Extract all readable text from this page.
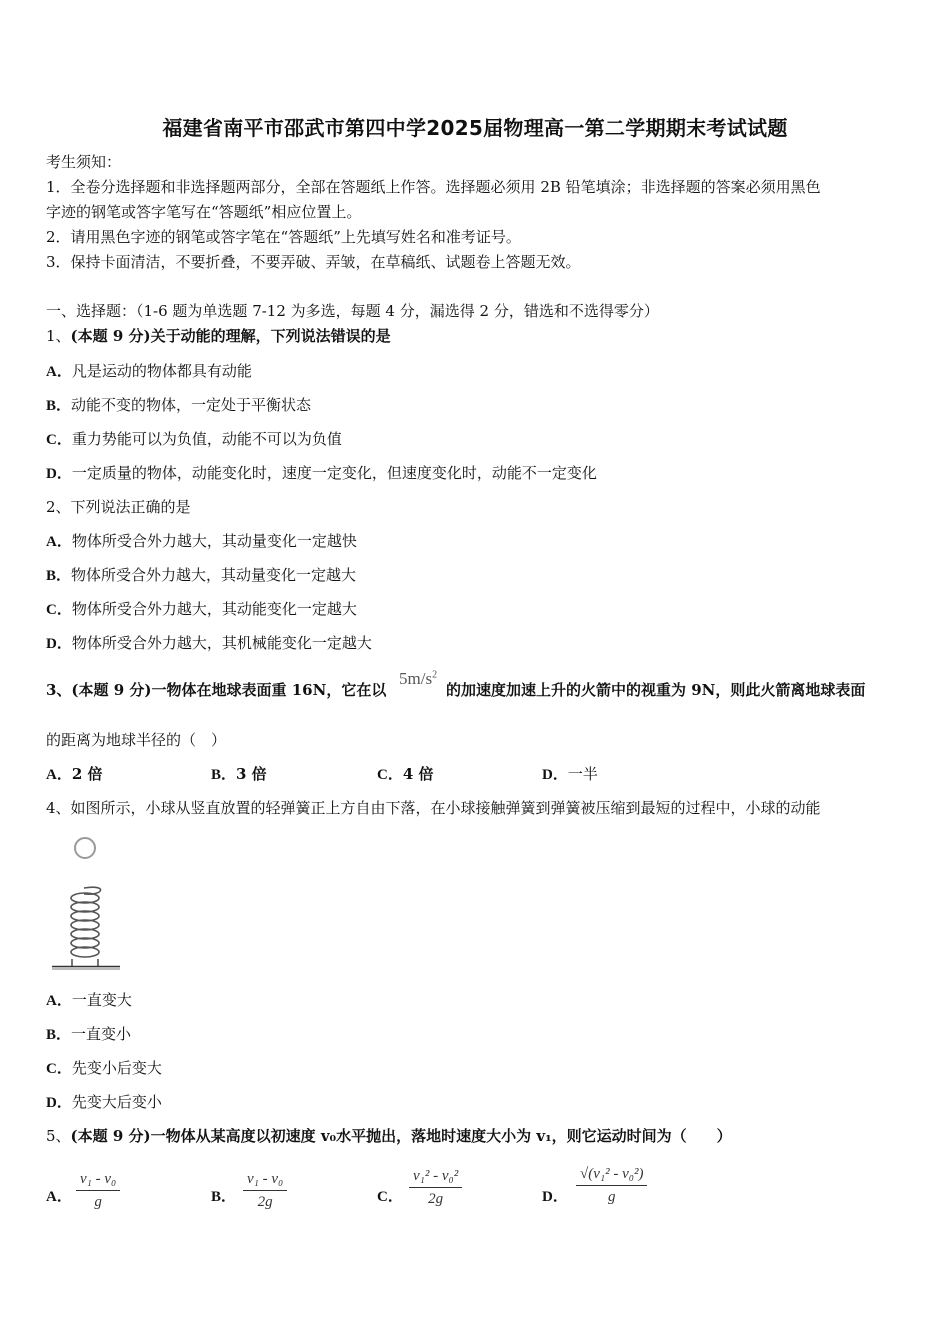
福建省南平市邵武市第四中学2025届物理高一第二学期期末考试试题
考生须知：
1．全卷分选择题和非选择题两部分，全部在答题纸上作答。选择题必须用 2B 铅笔填涂；非选择题的答案必须用黑色
字迹的钢笔或答字笔写在“答题纸”相应位置上。
2．请用黑色字迹的钢笔或答字笔在“答题纸”上先填写姓名和准考证号。
3．保持卡面清洁，不要折叠，不要弄破、弄皱，在草稿纸、试题卷上答题无效。
一、选择题：（1-6 题为单选题 7-12 为多选，每题 4 分，漏选得 2 分，错选和不选得零分）
1、(本题 9 分)关于动能的理解，下列说法错误的是
A．凡是运动的物体都具有动能
B．动能不变的物体，一定处于平衡状态
C．重力势能可以为负值，动能不可以为负值
D．一定质量的物体，动能变化时，速度一定变化，但速度变化时，动能不一定变化
2、下列说法正确的是
A．物体所受合外力越大，其动量变化一定越快
B．物体所受合外力越大，其动量变化一定越大
C．物体所受合外力越大，其动能变化一定越大
D．物体所受合外力越大，其机械能变化一定越大
3、(本题 9 分)一物体在地球表面重 16N，它在以
$5m/s^2$
的加速度加速上升的火箭中的视重为 9N，则此火箭离地球表面
的距离为地球半径的（　）
A．2 倍	B．3 倍	C．4 倍	D．一半
4、如图所示，小球从竖直放置的轻弹簧正上方自由下落，在小球接触弹簧到弹簧被压缩到最短的过程中，小球的动能
A．一直变大
B．一直变小
C．先变小后变大
D．先变大后变小
5、(本题 9 分)一物体从某高度以初速度 v₀水平抛出，落地时速度大小为 v₁，则它运动时间为（　　）
A． $\frac{\text{v₁ - v₀}}{g}$	B． $\frac{\text{v₁ - v₀}}{2g}$	C． $\frac{\text{v₁² - v₀²}}{2g}$	D． $\frac{\text{√(v₁² - v₀²)}}{g}$
